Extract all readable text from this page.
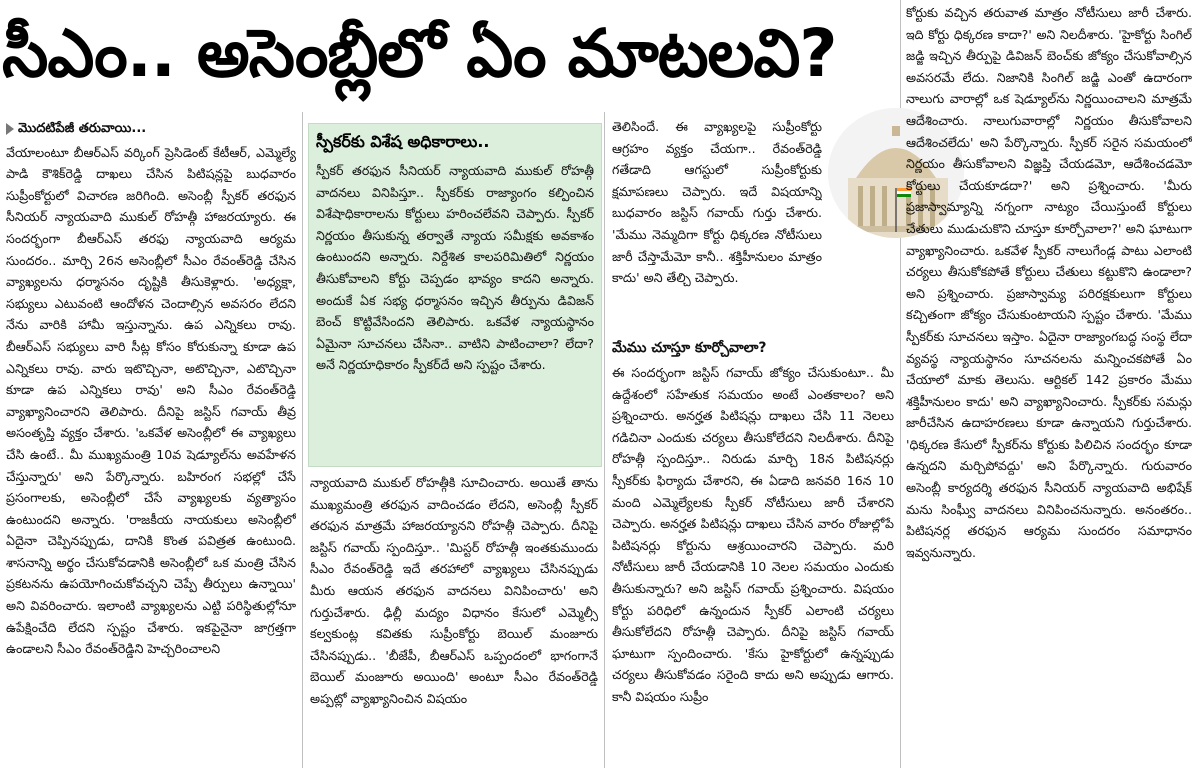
సీఎం.. అసెంబ్లీలో ఏం మాటలవి?
మొదటిపేజీ తరువాయి...

వేయాలంటూ బీఆర్‌ఎస్‌ వర్కింగ్‌ ప్రెసిడెంట్‌ కేటీఆర్‌, ఎమ్మెల్యే పాడి కౌశిక్‌రెడ్డి దాఖలు చేసిన పిటిషన్లపై బుధవారం సుప్రీంకోర్టులో విచారణ జరిగింది. అసెంబ్లీ స్పీకర్‌ తరఫున సీనియర్‌ న్యాయవాది ముకుల్‌ రోహత్గీ హాజరయ్యారు. ఈ సందర్భంగా బీఆర్‌ఎస్‌ తరఫు న్యాయవాది ఆర్యమ సుందరం.. మార్చి 26న అసెంబ్లీలో సీఎం రేవంత్‌రెడ్డి చేసిన వ్యాఖ్యలను ధర్మాసనం దృష్టికి తీసుకెళ్లారు. 'అధ్యక్షా, సభ్యులు ఎటువంటి ఆందోళన చెందాల్సిన అవసరం లేదని నేను వారికి హామీ ఇస్తున్నాను. ఉప ఎన్నికలు రావు. బీఆర్‌ఎస్‌ సభ్యులు వారి సీట్ల కోసం కోరుకున్నా కూడా ఉప ఎన్నికలు రావు. వారు ఇటొచ్చినా, అటొచ్చినా, ఎటొచ్చినా కూడా ఉప ఎన్నికలు రావు' అని సీఎం రేవంత్‌రెడ్డి వ్యాఖ్యానించారని తెలిపారు. దీనిపై జస్టిస్‌ గవాయ్‌ తీవ్ర అసంతృప్తి వ్యక్తం చేశారు. 'ఒకవేళ అసెంబ్లీలో ఈ వ్యాఖ్యలు చేసి ఉంటే.. మీ ముఖ్యమంత్రి 10వ షెడ్యూల్‌ను అవహేళన చేస్తున్నారు' అని పేర్కొన్నారు. బహిరంగ సభల్లో చేసే ప్రసంగాలకు, అసెంబ్లీలో చేసే వ్యాఖ్యలకు వ్యత్యాసం ఉంటుందని అన్నారు. 'రాజకీయ నాయకులు అసెంబ్లీలో ఏదైనా చెప్పినప్పుడు, దానికి కొంత పవిత్రత ఉంటుంది. శాసనాన్ని అర్థం చేసుకోవడానికి అసెంబ్లీలో ఒక మంత్రి చేసిన ప్రకటనను ఉపయోగించుకోవచ్చని చెప్పే తీర్పులు ఉన్నాయి' అని వివరించారు. ఇలాంటి వ్యాఖ్యలను ఎట్టి పరిస్థితుల్లోనూ ఉపేక్షించేది లేదని స్పష్టం చేశారు. ఇకపైనైనా జాగ్రత్తగా ఉండాలని సీఎం రేవంత్‌రెడ్డిని హెచ్చరించాలని

స్పీకర్‌కు విశేష అధికారాలు..

స్పీకర్‌ తరఫున సీనియర్‌ న్యాయవాది ముకుల్‌ రోహత్గీ వాదనలు వినిపిస్తూ.. స్పీకర్‌కు రాజ్యాంగం కల్పించిన విశేషాధికారాలను కోర్టులు హరించలేవని చెప్పారు. స్పీకర్‌ నిర్ణయం తీసుకున్న తర్వాతే న్యాయ సమీక్షకు అవకాశం ఉంటుందని అన్నారు. నిర్దేశిత కాలపరిమితిలో నిర్ణయం తీసుకోవాలని కోర్టు చెప్పడం భావ్యం కాదని అన్నారు. అందుకే ఏక సభ్య ధర్మాసనం ఇచ్చిన తీర్పును డివిజన్‌ బెంచ్‌ కొట్టివేసిందని తెలిపారు. ఒకవేళ న్యాయస్థానం ఏమైనా సూచనలు చేసినా.. వాటిని పాటించాలా? లేదా? అనే నిర్ణయాధికారం స్పీకర్‌దే అని స్పష్టం చేశారు.

న్యాయవాది ముకుల్‌ రోహత్గీకి సూచించారు. అయితే తాను ముఖ్యమంత్రి తరఫున వాదించడం లేదని, అసెంబ్లీ స్పీకర్‌ తరఫున మాత్రమే హాజరయ్యానని రోహత్గీ చెప్పారు. దీనిపై జస్టిస్‌ గవాయ్‌ స్పందిస్తూ.. 'మిస్టర్‌ రోహత్గీ ఇంతకుముందు సీఎం రేవంత్‌రెడ్డి ఇదే తరహాలో వ్యాఖ్యలు చేసినప్పుడు మీరు ఆయన తరఫున వాదనలు వినిపించారు' అని గుర్తుచేశారు. ఢిల్లీ మద్యం విధానం కేసులో ఎమ్మెల్సీ కల్వకుంట్ల కవితకు సుప్రీంకోర్టు బెయిల్‌ మంజూరు చేసినప్పుడు.. 'బీజేపీ, బీఆర్‌ఎస్‌ ఒప్పందంలో భాగంగానే బెయిల్‌ మంజూరు అయింది' అంటూ సీఎం రేవంత్‌రెడ్డి అప్పట్లో వ్యాఖ్యానించిన విషయం

తెలిసిందే. ఈ వ్యాఖ్యలపై సుప్రీంకోర్టు ఆగ్రహం వ్యక్తం చేయగా.. రేవంత్‌రెడ్డి గతేడాది ఆగస్టులో సుప్రీంకోర్టుకు క్షమాపణలు చెప్పారు. ఇదే విషయాన్ని బుధవారం జస్టిస్‌ గవాయ్‌ గుర్తు చేశారు. 'మేము నెమ్మదిగా కోర్టు ధిక్కరణ నోటీసులు జారీ చేస్తామేమో కానీ.. శక్తిహీనులం మాత్రం కాదు' అని తేల్చి చెప్పారు.

మేము చూస్తూ కూర్చోవాలా?

ఈ సందర్భంగా జస్టిస్‌ గవాయ్‌ జోక్యం చేసుకుంటూ.. మీ ఉద్దేశంలో సహేతుక సమయం అంటే ఎంతకాలం? అని ప్రశ్నించారు. అనర్హత పిటిషన్లు దాఖలు చేసి 11 నెలలు గడిచినా ఎందుకు చర్యలు తీసుకోలేదని నిలదీశారు. దీనిపై రోహత్గీ స్పందిస్తూ.. నిరుడు మార్చి 18న పిటిషనర్లు స్పీకర్‌కు ఫిర్యాదు చేశారని, ఈ ఏడాది జనవరి 16న 10 మంది ఎమ్మెల్యేలకు స్పీకర్‌ నోటీసులు జారీ చేశారని చెప్పారు. అనర్హత పిటిషన్లు దాఖలు చేసిన వారం రోజుల్లోపే పిటిషనర్లు కోర్టును ఆశ్రయించారని చెప్పారు. మరి నోటీసులు జారీ చేయడానికి 10 నెలల సమయం ఎందుకు తీసుకున్నారు? అని జస్టిస్‌ గవాయ్‌ ప్రశ్నించారు. విషయం కోర్టు పరిధిలో ఉన్నందున స్పీకర్‌ ఎలాంటి చర్యలు తీసుకోలేదని రోహత్గీ చెప్పారు. దీనిపై జస్టిస్‌ గవాయ్‌ ఘాటుగా స్పందించారు. 'కేసు హైకోర్టులో ఉన్నప్పుడు చర్యలు తీసుకోవడం సరైంది కాదు అని అప్పుడు ఆగారు. కానీ విషయం సుప్రీం

కోర్టుకు వచ్చిన తరువాత మాత్రం నోటీసులు జారీ చేశారు. ఇది కోర్టు ధిక్కరణ కాదా?' అని నిలదీశారు. 'హైకోర్టు సింగిల్‌ జడ్జి ఇచ్చిన తీర్పుపై డివిజన్‌ బెంచ్‌కు జోక్యం చేసుకోవాల్సిన అవసరమే లేదు. నిజానికి సింగిల్‌ జడ్జి ఎంతో ఉదారంగా నాలుగు వారాల్లో ఒక షెడ్యూల్‌ను నిర్ణయించాలని మాత్రమే ఆదేశించారు. నాలుగువారాల్లో నిర్ణయం తీసుకోవాలని ఆదేశించలేదు' అని పేర్కొన్నారు. స్పీకర్‌ సరైన సమయంలో నిర్ణయం తీసుకోవాలని విజ్ఞప్తి చేయడమో, ఆదేశించడమో కోర్టులు చేయకూడదా?' అని ప్రశ్నించారు. 'మీరు ప్రజాస్వామ్యాన్ని నగ్నంగా నాట్యం చేయిస్తుంటే కోర్టులు చేతులు ముడుచుకొని చూస్తూ కూర్చోవాలా?' అని ఘాటుగా వ్యాఖ్యానించారు. ఒకవేళ స్పీకర్‌ నాలుగేండ్ల పాటు ఎలాంటి చర్యలు తీసుకోకపోతే కోర్టులు చేతులు కట్టుకొని ఉండాలా? అని ప్రశ్నించారు. ప్రజాస్వామ్య పరిరక్షకులుగా కోర్టులు కచ్చితంగా జోక్యం చేసుకుంటాయని స్పష్టం చేశారు. 'మేము స్పీకర్‌కు సూచనలు ఇస్తాం. ఏదైనా రాజ్యాంగబద్ధ సంస్థ లేదా వ్యవస్థ న్యాయస్థానం సూచనలను మన్నించకపోతే ఏం చేయాలో మాకు తెలుసు. ఆర్టికల్‌ 142 ప్రకారం మేము శక్తిహీనులం కాదు' అని వ్యాఖ్యానించారు. స్పీకర్‌కు సమన్లు జారీచేసిన ఉదాహరణలు కూడా ఉన్నాయని గుర్తుచేశారు. 'ధిక్కరణ కేసులో స్పీకర్‌ను కోర్టుకు పిలిచిన సందర్భం కూడా ఉన్నదని మర్చిపోవద్దు' అని పేర్కొన్నారు. గురువారం అసెంబ్లీ కార్యదర్శి తరఫున సీనియర్‌ న్యాయవాది అభిషేక్‌ మను సింఘ్వీ వాదనలు వినిపించనున్నారు. అనంతరం.. పిటిషనర్ల తరఫున ఆర్యమ సుందరం సమాధానం ఇవ్వనున్నారు.
